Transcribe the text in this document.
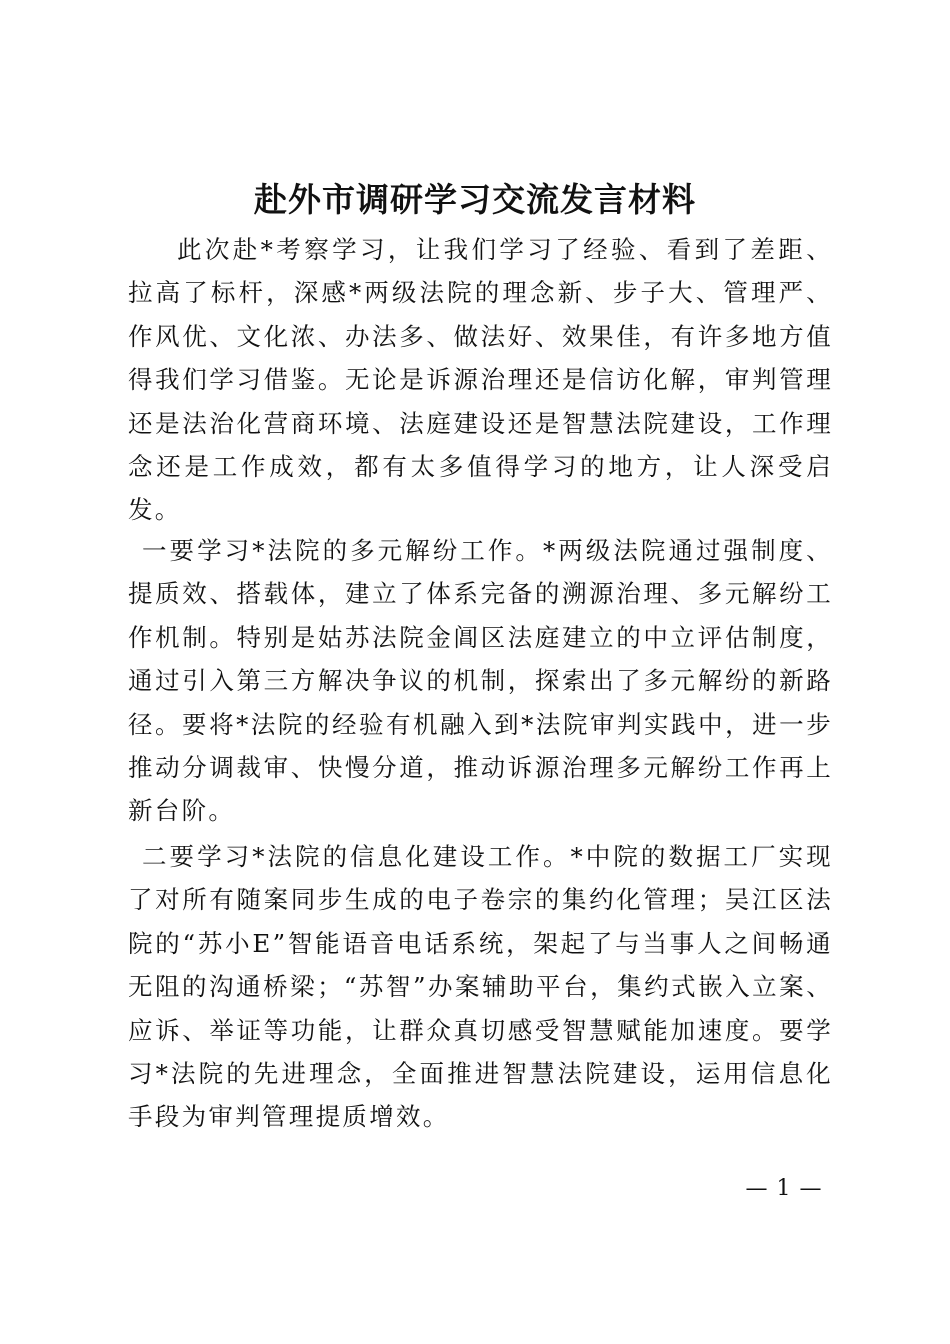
赴外市调研学习交流发言材料

此次赴*考察学习，让我们学习了经验、看到了差距、拉高了标杆，深感*两级法院的理念新、步子大、管理严、作风优、文化浓、办法多、做法好、效果佳，有许多地方值得我们学习借鉴。无论是诉源治理还是信访化解，审判管理还是法治化营商环境、法庭建设还是智慧法院建设，工作理念还是工作成效，都有太多值得学习的地方，让人深受启发。

一要学习*法院的多元解纷工作。*两级法院通过强制度、提质效、搭载体，建立了体系完备的溯源治理、多元解纷工作机制。特别是姑苏法院金阊区法庭建立的中立评估制度，通过引入第三方解决争议的机制，探索出了多元解纷的新路径。要将*法院的经验有机融入到*法院审判实践中，进一步推动分调裁审、快慢分道，推动诉源治理多元解纷工作再上新台阶。

二要学习*法院的信息化建设工作。*中院的数据工厂实现了对所有随案同步生成的电子卷宗的集约化管理；吴江区法院的“苏小E”智能语音电话系统，架起了与当事人之间畅通无阻的沟通桥梁；“苏智”办案辅助平台，集约式嵌入立案、应诉、举证等功能，让群众真切感受智慧赋能加速度。要学习*法院的先进理念，全面推进智慧法院建设，运用信息化手段为审判管理提质增效。

— 1 —
